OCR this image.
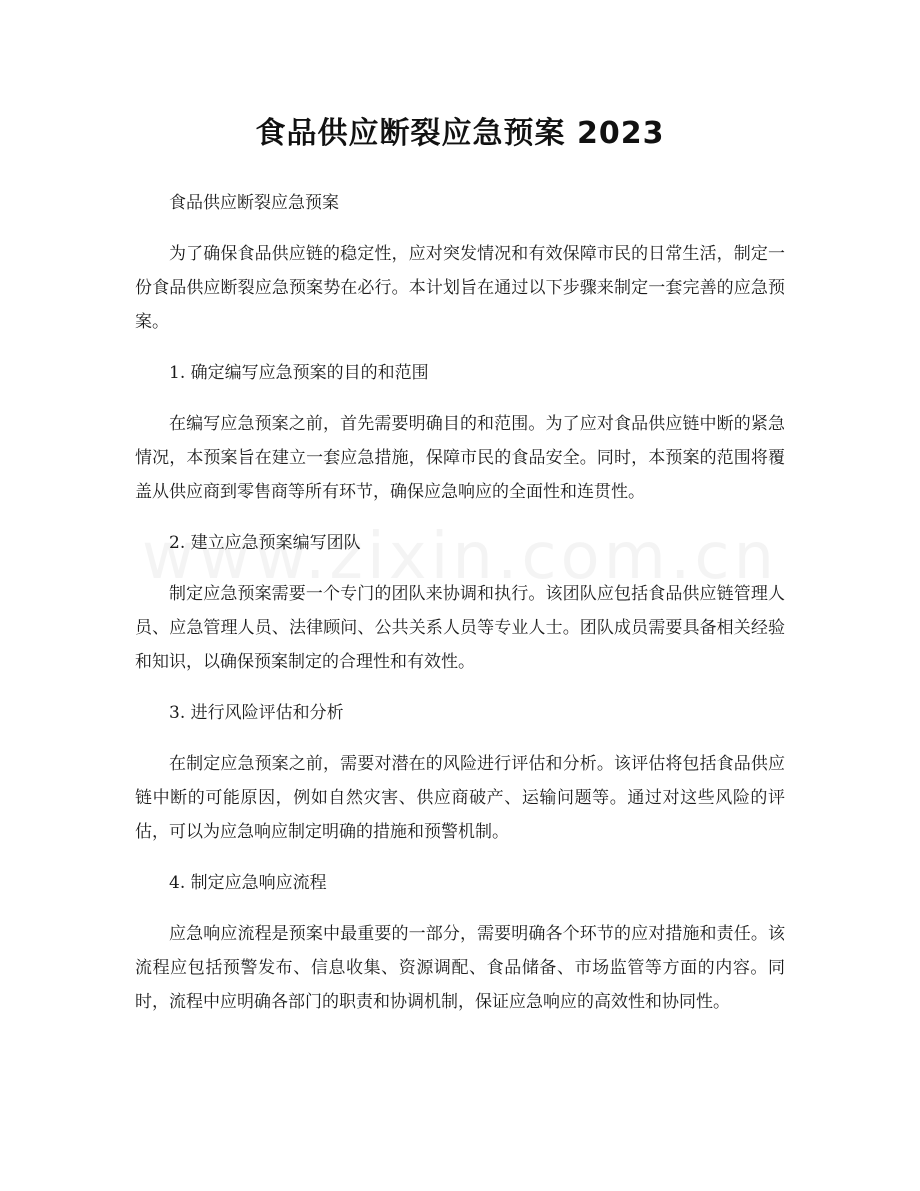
食品供应断裂应急预案 2023

食品供应断裂应急预案

为了确保食品供应链的稳定性，应对突发情况和有效保障市民的日常生活，制定一份食品供应断裂应急预案势在必行。本计划旨在通过以下步骤来制定一套完善的应急预案。

1. 确定编写应急预案的目的和范围

在编写应急预案之前，首先需要明确目的和范围。为了应对食品供应链中断的紧急情况，本预案旨在建立一套应急措施，保障市民的食品安全。同时，本预案的范围将覆盖从供应商到零售商等所有环节，确保应急响应的全面性和连贯性。

2. 建立应急预案编写团队

制定应急预案需要一个专门的团队来协调和执行。该团队应包括食品供应链管理人员、应急管理人员、法律顾问、公共关系人员等专业人士。团队成员需要具备相关经验和知识，以确保预案制定的合理性和有效性。

3. 进行风险评估和分析

在制定应急预案之前，需要对潜在的风险进行评估和分析。该评估将包括食品供应链中断的可能原因，例如自然灾害、供应商破产、运输问题等。通过对这些风险的评估，可以为应急响应制定明确的措施和预警机制。

4. 制定应急响应流程

应急响应流程是预案中最重要的一部分，需要明确各个环节的应对措施和责任。该流程应包括预警发布、信息收集、资源调配、食品储备、市场监管等方面的内容。同时，流程中应明确各部门的职责和协调机制，保证应急响应的高效性和协同性。
